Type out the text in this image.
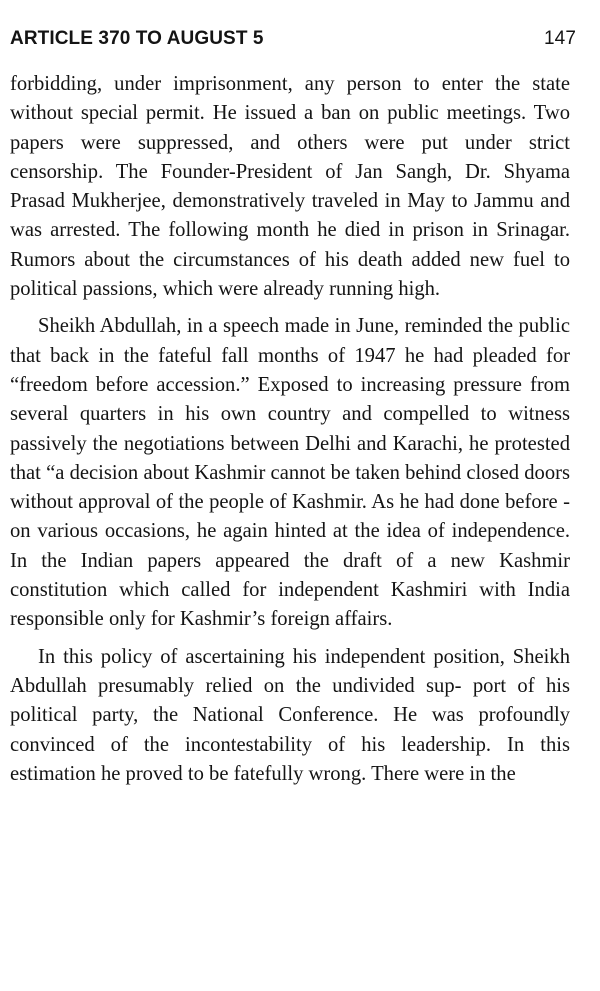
ARTICLE 370 TO AUGUST 5	147

forbidding, under imprisonment, any person to enter the state without special permit. He issued a ban on public meetings. Two papers were suppressed, and others were put under strict censorship. The Founder-President of Jan Sangh, Dr. Shyama Prasad Mukherjee, demonstratively traveled in May to Jammu and was arrested. The following month he died in prison in Srinagar. Rumors about the circumstances of his death added new fuel to political passions, which were already running high.

Sheikh Abdullah, in a speech made in June, reminded the public that back in the fateful fall months of 1947 he had pleaded for “freedom before accession.” Exposed to increasing pressure from several quarters in his own country and compelled to witness passively the negotiations between Delhi and Karachi, he protested that “a decision about Kashmir cannot be taken behind closed doors without approval of the people of Kashmir. As he had done before - on various occasions, he again hinted at the idea of independence. In the Indian papers appeared the draft of a new Kashmir constitution which called for independent Kashmiri with India responsible only for Kashmir’s foreign affairs.

In this policy of ascertaining his independent position, Sheikh Abdullah presumably relied on the undivided sup- port of his political party, the National Conference. He was profoundly convinced of the incontestability of his leadership. In this estimation he proved to be fatefully wrong. There were in the
